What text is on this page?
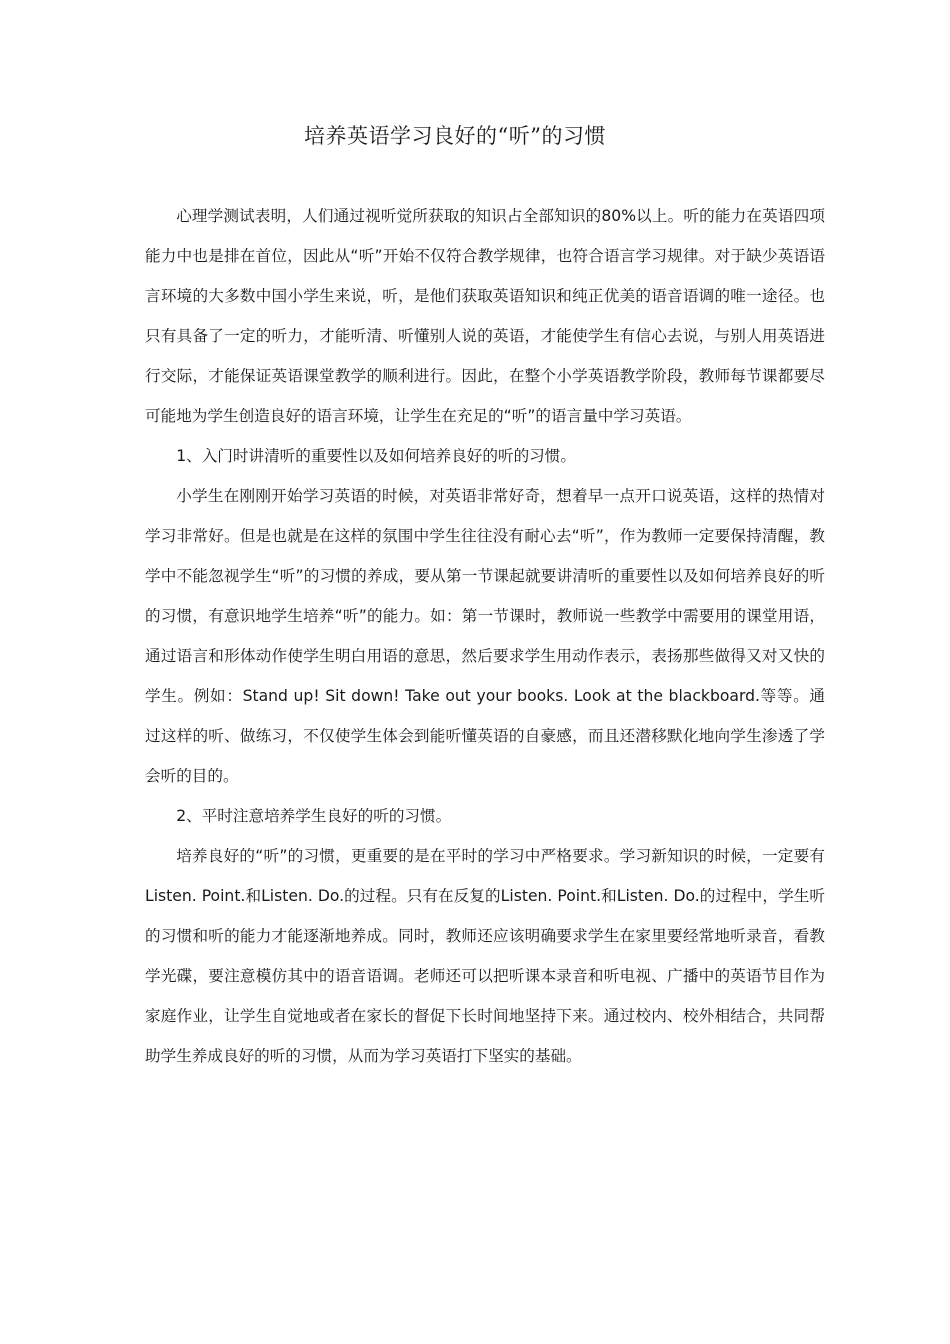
培养英语学习良好的“听”的习惯

心理学测试表明，人们通过视听觉所获取的知识占全部知识的80%以上。听的能力在英语四项能力中也是排在首位，因此从“听”开始不仅符合教学规律，也符合语言学习规律。对于缺少英语语言环境的大多数中国小学生来说，听，是他们获取英语知识和纯正优美的语音语调的唯一途径。也只有具备了一定的听力，才能听清、听懂别人说的英语，才能使学生有信心去说，与别人用英语进行交际，才能保证英语课堂教学的顺利进行。因此，在整个小学英语教学阶段，教师每节课都要尽可能地为学生创造良好的语言环境，让学生在充足的“听”的语言量中学习英语。

1、入门时讲清听的重要性以及如何培养良好的听的习惯。

小学生在刚刚开始学习英语的时候，对英语非常好奇，想着早一点开口说英语，这样的热情对学习非常好。但是也就是在这样的氛围中学生往往没有耐心去“听”，作为教师一定要保持清醒，教学中不能忽视学生“听”的习惯的养成，要从第一节课起就要讲清听的重要性以及如何培养良好的听的习惯，有意识地学生培养“听”的能力。如：第一节课时，教师说一些教学中需要用的课堂用语，通过语言和形体动作使学生明白用语的意思，然后要求学生用动作表示，表扬那些做得又对又快的学生。例如：Stand up! Sit down! Take out your books. Look at the blackboard.等等。通过这样的听、做练习，不仅使学生体会到能听懂英语的自豪感，而且还潜移默化地向学生渗透了学会听的目的。

2、平时注意培养学生良好的听的习惯。

培养良好的“听”的习惯，更重要的是在平时的学习中严格要求。学习新知识的时候，一定要有Listen. Point.和Listen. Do.的过程。只有在反复的Listen. Point.和Listen. Do.的过程中，学生听的习惯和听的能力才能逐渐地养成。同时，教师还应该明确要求学生在家里要经常地听录音，看教学光碟，要注意模仿其中的语音语调。老师还可以把听课本录音和听电视、广播中的英语节目作为家庭作业，让学生自觉地或者在家长的督促下长时间地坚持下来。通过校内、校外相结合，共同帮助学生养成良好的听的习惯，从而为学习英语打下坚实的基础。
